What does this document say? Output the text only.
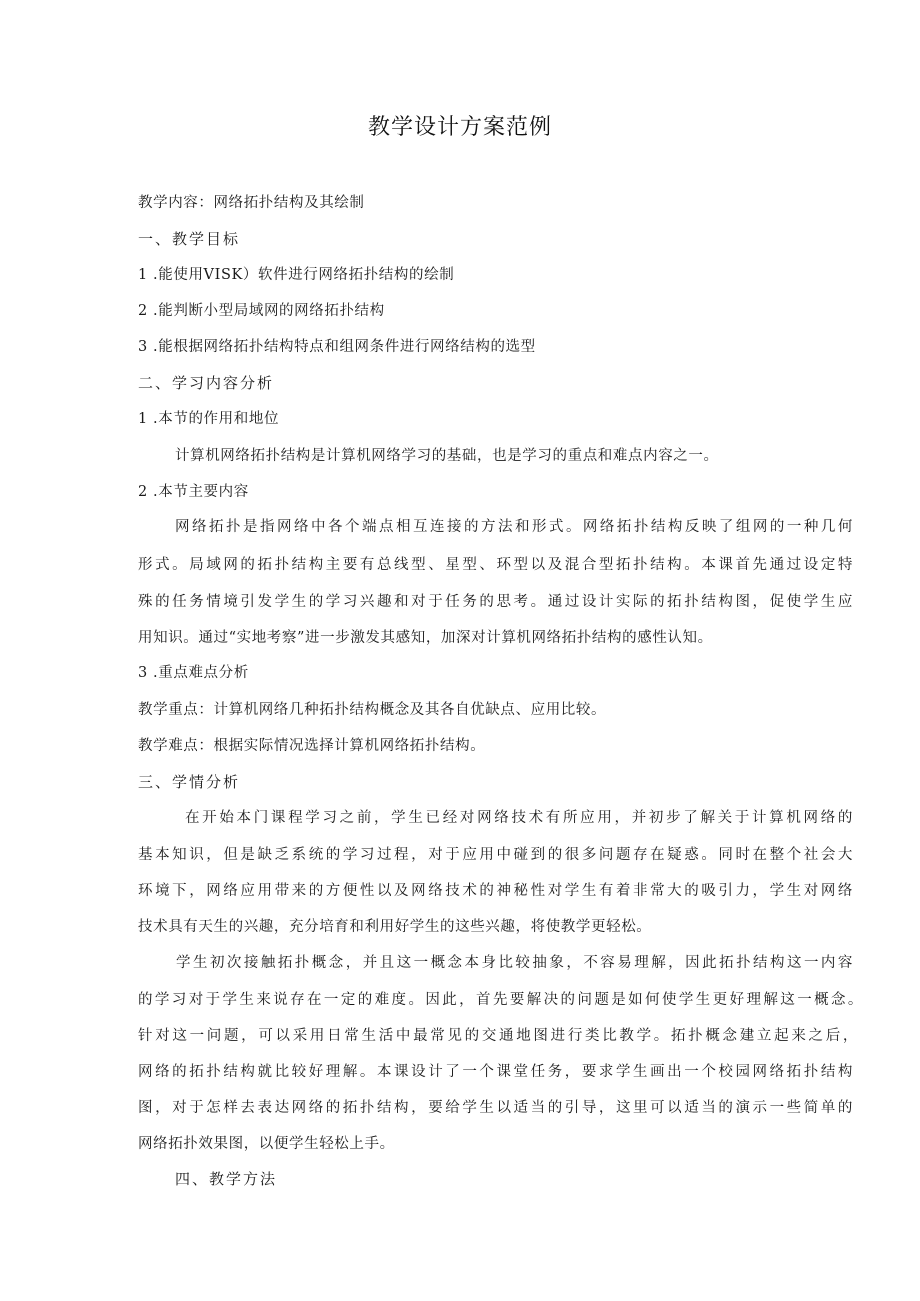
教学设计方案范例
教学内容：网络拓扑结构及其绘制
一、教学目标
1 .能使用VISK）软件进行网络拓扑结构的绘制
2 .能判断小型局域网的网络拓扑结构
3 .能根据网络拓扑结构特点和组网条件进行网络结构的选型
二、学习内容分析
1 .本节的作用和地位
计算机网络拓扑结构是计算机网络学习的基础，也是学习的重点和难点内容之一。
2 .本节主要内容
网络拓扑是指网络中各个端点相互连接的方法和形式。网络拓扑结构反映了组网的一种几何
形式。局域网的拓扑结构主要有总线型、星型、环型以及混合型拓扑结构。本课首先通过设定特
殊的任务情境引发学生的学习兴趣和对于任务的思考。通过设计实际的拓扑结构图，促使学生应
用知识。通过“实地考察”进一步激发其感知，加深对计算机网络拓扑结构的感性认知。
3 .重点难点分析
教学重点：计算机网络几种拓扑结构概念及其各自优缺点、应用比较。
教学难点：根据实际情况选择计算机网络拓扑结构。
三、学情分析
在开始本门课程学习之前，学生已经对网络技术有所应用，并初步了解关于计算机网络的
基本知识，但是缺乏系统的学习过程，对于应用中碰到的很多问题存在疑惑。同时在整个社会大
环境下，网络应用带来的方便性以及网络技术的神秘性对学生有着非常大的吸引力，学生对网络
技术具有天生的兴趣，充分培育和利用好学生的这些兴趣，将使教学更轻松。
学生初次接触拓扑概念，并且这一概念本身比较抽象，不容易理解，因此拓扑结构这一内容
的学习对于学生来说存在一定的难度。因此，首先要解决的问题是如何使学生更好理解这一概念。
针对这一问题，可以采用日常生活中最常见的交通地图进行类比教学。拓扑概念建立起来之后，
网络的拓扑结构就比较好理解。本课设计了一个课堂任务，要求学生画出一个校园网络拓扑结构
图，对于怎样去表达网络的拓扑结构，要给学生以适当的引导，这里可以适当的演示一些简单的
网络拓扑效果图，以便学生轻松上手。
四、教学方法
